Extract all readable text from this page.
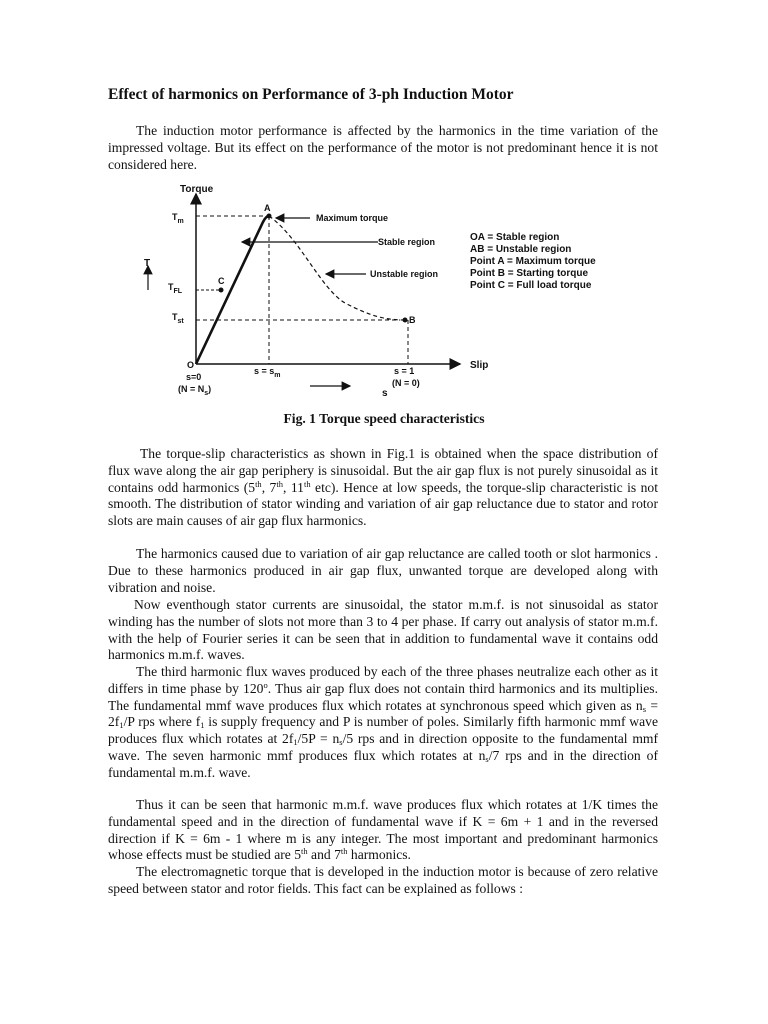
Effect of harmonics on Performance of 3-ph Induction Motor

The induction motor performance is affected by the harmonics in the time variation of the impressed voltage. But its effect on the performance of the motor is not predominant hence it is not considered here.

Torque
Slip
T
$T_m$
$T_{FL}$
$T_{st}$
A
B
C
O
Maximum torque
Stable region
Unstable region
s=0
$(N = N_s)$
$s = s_m$	s = 1
(N = 0)
s
OA = Stable region
AB = Unstable region
Point A = Maximum torque
Point B = Starting torque
Point C = Full load torque
Fig. 1 Torque speed characteristics

The torque-slip characteristics as shown in Fig.1 is obtained when the space distribution of flux wave along the air gap periphery is sinusoidal. But the air gap flux is not purely sinusoidal as it contains odd harmonics (5th, 7th, 11th etc). Hence at low speeds, the torque-slip characteristic is not smooth. The distribution of stator winding and variation of air gap reluctance due to stator and rotor slots are main causes of air gap flux harmonics.

The harmonics caused due to variation of air gap reluctance are called tooth or slot harmonics . Due to these harmonics produced in air gap flux, unwanted torque are developed along with vibration and noise.

Now eventhough stator currents are sinusoidal, the stator m.m.f. is not sinusoidal as stator winding has the number of slots not more than 3 to 4 per phase. If carry out analysis of stator m.m.f. with the help of Fourier series it can be seen that in addition to fundamental wave it contains odd harmonics m.m.f. waves.

The third harmonic flux waves produced by each of the three phases neutralize each other as it differs in time phase by 120$^o$. Thus air gap flux does not contain third harmonics and its multiplies. The fundamental mmf wave produces flux which rotates at synchronous speed which given as $n_s = 2f_1/P$ rps where $f_1$ is supply frequency and P is number of poles. Similarly fifth harmonic mmf wave produces flux which rotates at $2f_1/5P = n_s/5$ rps and in direction opposite to the fundamental mmf wave. The seven harmonic mmf produces flux which rotates at $n_s/7$ rps and in the direction of fundamental m.m.f. wave.

Thus it can be seen that harmonic m.m.f. wave produces flux which rotates at 1/K times the fundamental speed and in the direction of fundamental wave if K = 6m + 1 and in the reversed direction if K = 6m - 1 where m is any integer. The most important and predominant harmonics whose effects must be studied are 5th and 7th harmonics.

The electromagnetic torque that is developed in the induction motor is because of zero relative speed between stator and rotor fields. This fact can be explained as follows :
